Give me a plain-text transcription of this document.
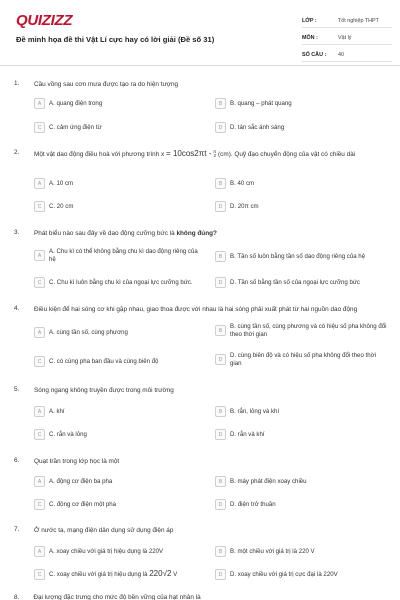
QUIZIZZ
Đề minh họa đề thi Vật Lí cực hay có lời giải (Đề số 31)
LỚP :	Tốt nghiệp THPT
MÔN :	Vật lý
SỐ CÂU :	40
1. Cầu vồng sau cơn mưa được tạo ra do hiện tượng
A	A. quang điện trong	B	B. quang – phát quang
C	C. cảm ứng điện từ	D	D. tán sắc ánh sáng
2. Một vật dao động điều hoà với phương trình x = 10cos2πt - π
2 (cm). Quỹ đạo chuyển động của vật có chiều dài
A	A. 10 cm	B	B. 40 cm
C	C. 20 cm	D	D. 20π cm
3. Phát biểu nào sau đây về dao động cưỡng bức là không đúng?
A
A. Chu kì có thể không bằng chu kì dao động riêng của hệ	B	B. Tần số luôn bằng tần số dao động riêng của hệ
C	C. Chu kì luôn bằng chu kì của ngoại lực cưỡng bức.	D	D. Tần số bằng tần số của ngoại lực cưỡng bức
4. Điều kiện để hai sóng cơ khi gặp nhau, giao thoa được với nhau là hai sóng phải xuất phát từ hai nguồn dao động
A	A. cùng tần số, cùng phương	B
B. cùng tần số, cùng phương và có hiệu số pha không đổi theo thời gian
C	C. có cùng pha ban đầu và cùng biên độ	D
D. cùng biên độ và có hiệu số pha không đổi theo thời gian
5. Sóng ngang không truyền được trong môi trường
A	A. khí	B	B. rắn, lỏng và khí
C	C. rắn và lỏng	D	D. rắn và khí
6. Quạt trần trong lớp học là một
A	A. động cơ điện ba pha	B	B. máy phát điện xoay chiều
C	C. động cơ điện một pha	D	D. điện trở thuần
7. Ở nước ta, mạng điện dân dụng sử dụng điện áp
A	A. xoay chiều với giá trị hiệu dụng là 220V	B	B. một chiều với giá trị là 220 V
C	C. xoay chiều với giá trị hiệu dụng là 220√2 V	D	D. xoay chiều với giá trị cực đại là 220V
8. Đại lượng đặc trưng cho mức độ bền vững của hạt nhân là
